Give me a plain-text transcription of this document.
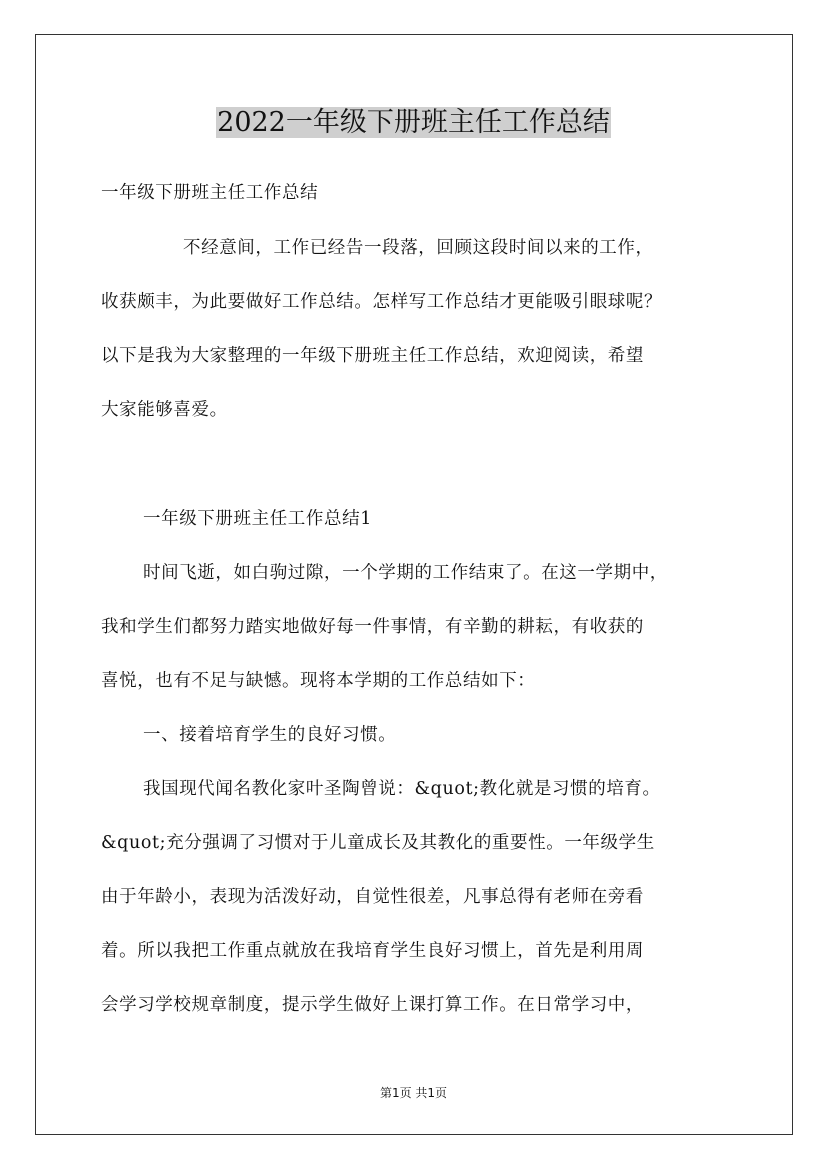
2022一年级下册班主任工作总结

一年级下册班主任工作总结

不经意间，工作已经告一段落，回顾这段时间以来的工作，

收获颇丰，为此要做好工作总结。怎样写工作总结才更能吸引眼球呢？

以下是我为大家整理的一年级下册班主任工作总结，欢迎阅读，希望

大家能够喜爱。

一年级下册班主任工作总结1

时间飞逝，如白驹过隙，一个学期的工作结束了。在这一学期中，

我和学生们都努力踏实地做好每一件事情，有辛勤的耕耘，有收获的

喜悦，也有不足与缺憾。现将本学期的工作总结如下：

一、接着培育学生的良好习惯。

我国现代闻名教化家叶圣陶曾说：&quot;教化就是习惯的培育。

&quot;充分强调了习惯对于儿童成长及其教化的重要性。一年级学生

由于年龄小，表现为活泼好动，自觉性很差，凡事总得有老师在旁看

着。所以我把工作重点就放在我培育学生良好习惯上，首先是利用周

会学习学校规章制度，提示学生做好上课打算工作。在日常学习中，

第1页 共1页
